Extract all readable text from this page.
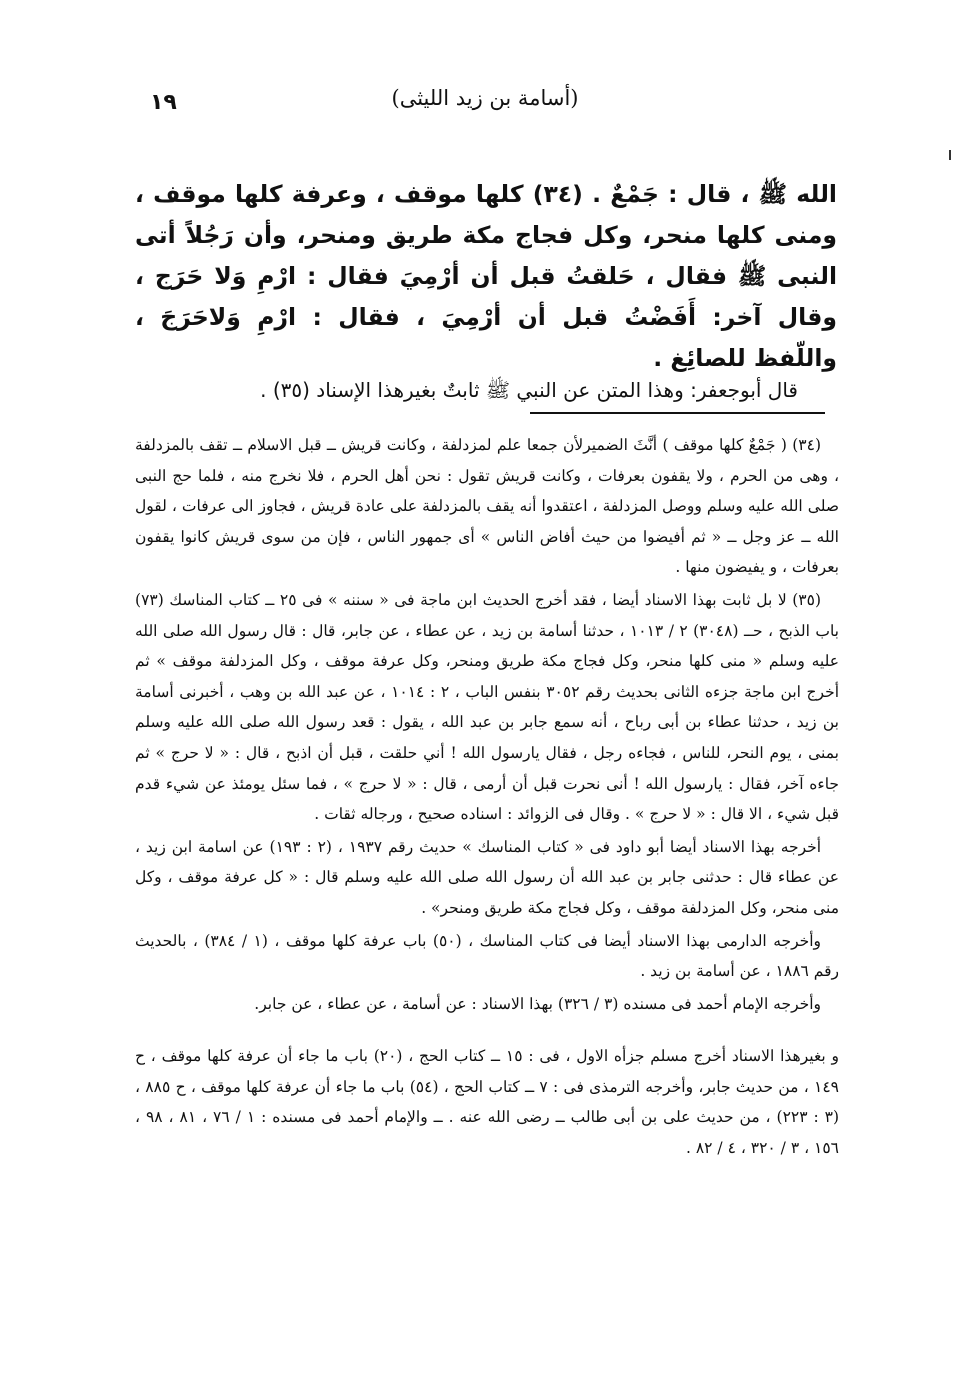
١٩	(أسامة بن زيد الليثى)

الله ﷺ ، قال : جَمْعٌ . (٣٤) كلها موقف ، وعرفة كلها موقف ، ومنى كلها منحر، وكل فجاج مكة طريق ومنحر، وأن رَجُلاً أتى النبى ﷺ فقال ، حَلقتُ قبل أن أرْمِيَ فقال : ارْمِ وَلا حَرَج ، وقال آخر: أَفَضْتُ قبل أن أرْمِيَ ، فقال : ارْمِ وَلاحَرَجَ ، واللّفظ للصائِغ .

قال أبوجعفر: وهذا المتن عن النبي ﷺ ثابتٌ بغيرهذا الإسناد (٣٥) .

(٣٤) ( جَمْعٌ كلها موقف ) أنَّثَ الضميرلأن جمعا علم لمزدلفة ، وكانت قريش ــ قبل الاسلام ــ تقف بالمزدلفة ، وهى من الحرم ، ولا يقفون بعرفات ، وكانت قريش تقول : نحن أهل الحرم ، فلا نخرج منه ، فلما حج النبى صلى الله عليه وسلم ووصل المزدلفة ، اعتقدوا أنه يقف بالمزدلفة على عادة قريش ، فجاوز الى عرفات ، لقول الله ــ عز وجل ــ « ثم أفيضوا من حيث أفاض الناس » أى جمهور الناس ، فإن من سوى قريش كانوا يقفون بعرفات ، و يفيضون منها .

(٣٥) لا بل ثابت بهذا الاسناد أيضا ، فقد أخرج الحديث ابن ماجة فى « سننه » فى ٢٥ ــ كتاب المناسك (٧٣) باب الذبح ، حــ (٣٠٤٨) ٢ / ١٠١٣ ، حدثنا أسامة بن زيد ، عن عطاء ، عن جابر، قال : قال رسول الله صلى الله عليه وسلم « منى كلها منحر، وكل فجاج مكة طريق ومنحر، وكل عرفة موقف ، وكل المزدلفة موقف » ثم أخرج ابن ماجة جزءه الثانى بحديث رقم ٣٠٥٢ بنفس الباب ، ٢ : ١٠١٤ ، عن عبد الله بن وهب ، أخبرنى أسامة بن زيد ، حدثنا عطاء بن أبى رباح ، أنه سمع جابر بن عبد الله ، يقول : قعد رسول الله صلى الله عليه وسلم بمنى ، يوم النحر، للناس ، فجاءه رجل ، فقال يارسول الله ! أني حلقت ، قبل أن اذبح ، قال : « لا حرج » ثم جاءه آخر، فقال : يارسول الله ! أنى نحرت قبل أن أرمى ، قال : « لا حرج » ، فما سئل يومئذ عن شيء قدم قبل شيء ، الا قال : « لا حرج » . وقال فى الزوائد : اسناده صحيح ، ورجاله ثقات .

أخرجه بهذا الاسناد أيضا أبو داود فى « كتاب المناسك » حديث رقم ١٩٣٧ ، (٢ : ١٩٣) عن اسامة ابن زيد ، عن عطاء قال : حدثنى جابر بن عبد الله أن رسول الله صلى الله عليه وسلم قال : « كل عرفة موقف ، وكل منى منحر، وكل المزدلفة موقف ، وكل فجاج مكة طريق ومنحر» .

وأخرجه الدارمى بهذا الاسناد أيضا فى كتاب المناسك ، (٥٠) باب عرفة كلها موقف ، (١ / ٣٨٤) ، بالحديث رقم ١٨٨٦ ، عن أسامة بن زيد .

وأخرجه الإمام أحمد فى مسنده (٣ / ٣٢٦) بهذا الاسناد : عن أسامة ، عن عطاء ، عن جابر.

و بغيرهذا الاسناد أخرج مسلم جزأه الاول ، فى : ١٥ ــ كتاب الحج ، (٢٠) باب ما جاء أن عرفة كلها موقف ، ح ١٤٩ ، من حديث جابر، وأخرجه الترمذى فى : ٧ ــ كتاب الحج ، (٥٤) باب ما جاء أن عرفة كلها موقف ، ح ٨٨٥ ، (٣ : ٢٢٣) ، من حديث على بن أبى طالب ــ رضى الله عنه . ــ والإمام أحمد فى مسنده : ١ / ٧٦ ، ٨١ ، ٩٨ ، ١٥٦ ، ٣ / ٣٢٠ ، ٤ / ٨٢ .
